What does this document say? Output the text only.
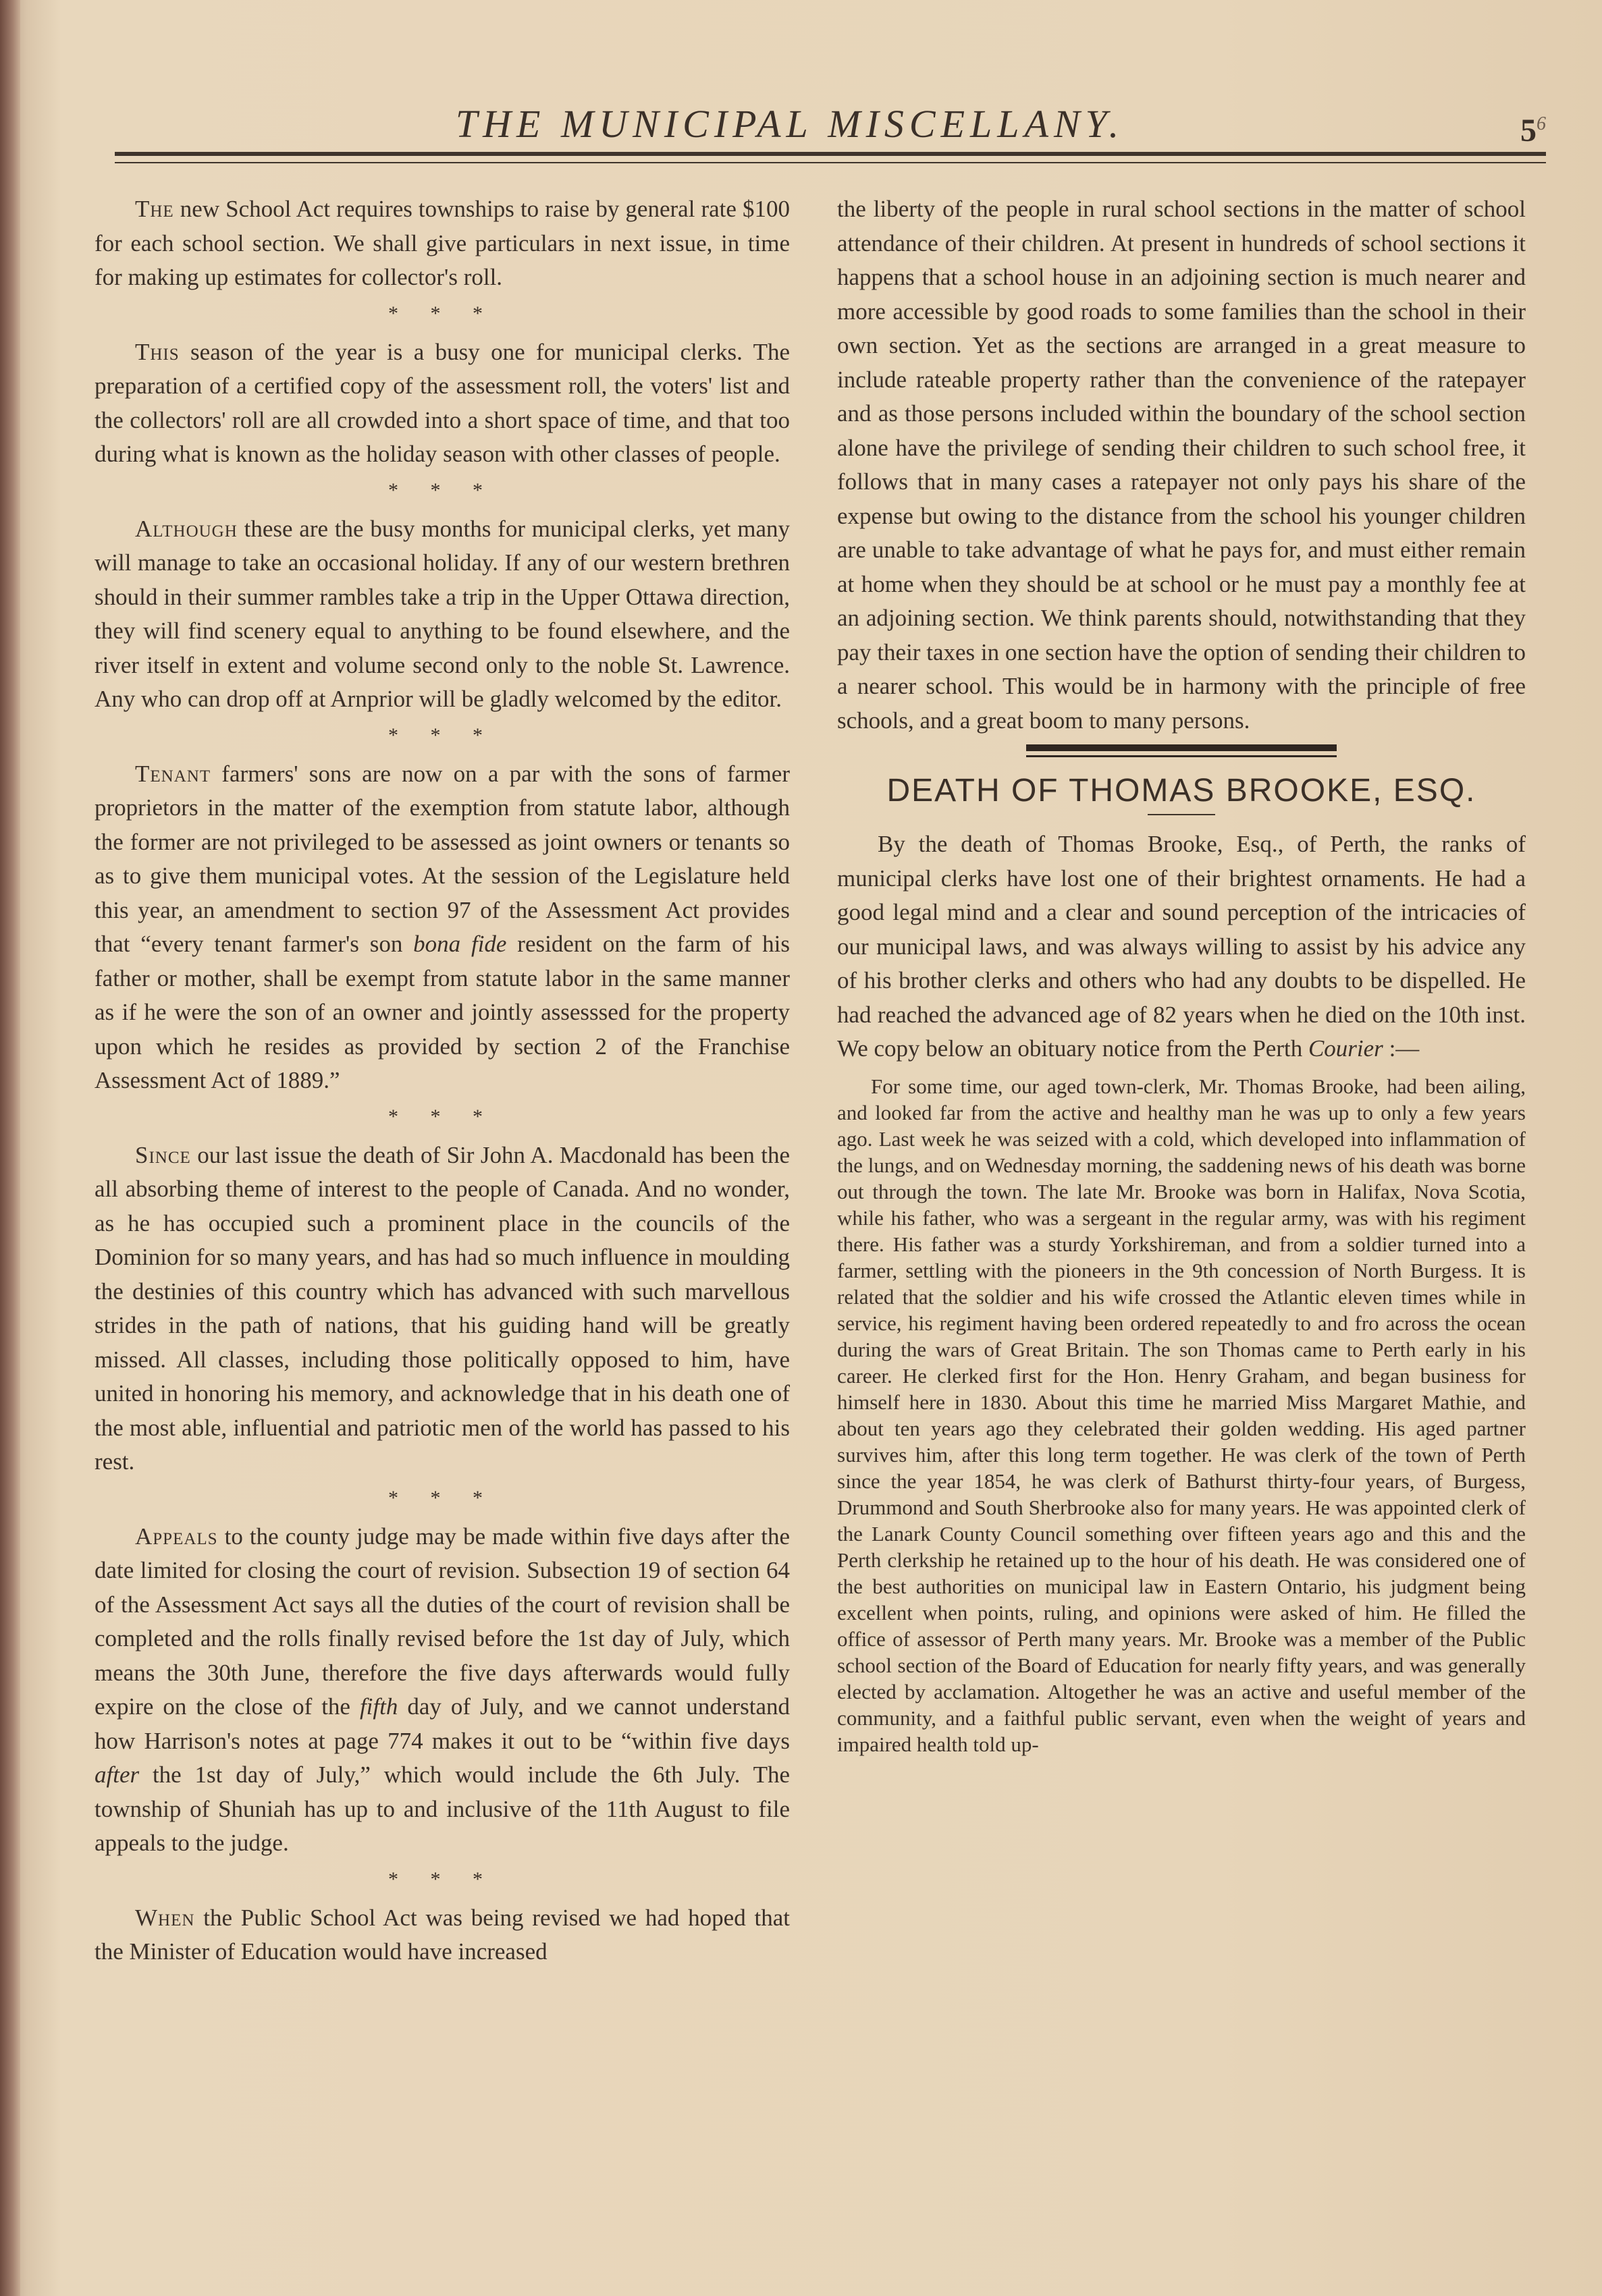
THE MUNICIPAL MISCELLANY.	$5^6$

The new School Act requires townships to raise by general rate $100 for each school section. We shall give particulars in next issue, in time for making up estimates for collector's roll.

* * *

This season of the year is a busy one for municipal clerks. The preparation of a certified copy of the assessment roll, the voters' list and the collectors' roll are all crowded into a short space of time, and that too during what is known as the holiday season with other classes of people.

* * *

Although these are the busy months for municipal clerks, yet many will manage to take an occasional holiday. If any of our western brethren should in their summer rambles take a trip in the Upper Ottawa direction, they will find scenery equal to anything to be found elsewhere, and the river itself in extent and volume second only to the noble St. Lawrence. Any who can drop off at Arnprior will be gladly welcomed by the editor.

* * *

Tenant farmers' sons are now on a par with the sons of farmer proprietors in the matter of the exemption from statute labor, although the former are not privileged to be assessed as joint owners or tenants so as to give them municipal votes. At the session of the Legislature held this year, an amendment to section 97 of the Assessment Act provides that “every tenant farmer's son bona fide resident on the farm of his father or mother, shall be exempt from statute labor in the same manner as if he were the son of an owner and jointly assesssed for the property upon which he resides as provided by section 2 of the Franchise Assessment Act of 1889.”

* * *

Since our last issue the death of Sir John A. Macdonald has been the all absorbing theme of interest to the people of Canada. And no wonder, as he has occupied such a prominent place in the councils of the Dominion for so many years, and has had so much influence in moulding the destinies of this country which has advanced with such marvellous strides in the path of nations, that his guiding hand will be greatly missed. All classes, including those politically opposed to him, have united in honoring his memory, and acknowledge that in his death one of the most able, influential and patriotic men of the world has passed to his rest.

* * *

Appeals to the county judge may be made within five days after the date limited for closing the court of revision. Subsection 19 of section 64 of the Assessment Act says all the duties of the court of revision shall be completed and the rolls finally revised before the 1st day of July, which means the 30th June, therefore the five days afterwards would fully expire on the close of the fifth day of July, and we cannot understand how Harrison's notes at page 774 makes it out to be “within five days after the 1st day of July,” which would include the 6th July. The township of Shuniah has up to and inclusive of the 11th August to file appeals to the judge.

* * *

When the Public School Act was being revised we had hoped that the Minister of Education would have increased

the liberty of the people in rural school sections in the matter of school attendance of their children. At present in hundreds of school sections it happens that a school house in an adjoining section is much nearer and more accessible by good roads to some families than the school in their own section. Yet as the sections are arranged in a great measure to include rateable property rather than the convenience of the ratepayer and as those persons included within the boundary of the school section alone have the privilege of sending their children to such school free, it follows that in many cases a ratepayer not only pays his share of the expense but owing to the distance from the school his younger children are unable to take advantage of what he pays for, and must either remain at home when they should be at school or he must pay a monthly fee at an adjoining section. We think parents should, notwithstanding that they pay their taxes in one section have the option of sending their children to a nearer school. This would be in harmony with the principle of free schools, and a great boom to many persons.

DEATH OF THOMAS BROOKE, ESQ.

By the death of Thomas Brooke, Esq., of Perth, the ranks of municipal clerks have lost one of their brightest ornaments. He had a good legal mind and a clear and sound perception of the intricacies of our municipal laws, and was always willing to assist by his advice any of his brother clerks and others who had any doubts to be dispelled. He had reached the advanced age of 82 years when he died on the 10th inst. We copy below an obituary notice from the Perth Courier :—

For some time, our aged town-clerk, Mr. Thomas Brooke, had been ailing, and looked far from the active and healthy man he was up to only a few years ago. Last week he was seized with a cold, which developed into inflammation of the lungs, and on Wednesday morning, the saddening news of his death was borne out through the town. The late Mr. Brooke was born in Halifax, Nova Scotia, while his father, who was a sergeant in the regular army, was with his regiment there. His father was a sturdy Yorkshireman, and from a soldier turned into a farmer, settling with the pioneers in the 9th concession of North Burgess. It is related that the soldier and his wife crossed the Atlantic eleven times while in service, his regiment having been ordered repeatedly to and fro across the ocean during the wars of Great Britain. The son Thomas came to Perth early in his career. He clerked first for the Hon. Henry Graham, and began business for himself here in 1830. About this time he married Miss Margaret Mathie, and about ten years ago they celebrated their golden wedding. His aged partner survives him, after this long term together. He was clerk of the town of Perth since the year 1854, he was clerk of Bathurst thirty-four years, of Burgess, Drummond and South Sherbrooke also for many years. He was appointed clerk of the Lanark County Council something over fifteen years ago and this and the Perth clerkship he retained up to the hour of his death. He was considered one of the best authorities on municipal law in Eastern Ontario, his judgment being excellent when points, ruling, and opinions were asked of him. He filled the office of assessor of Perth many years. Mr. Brooke was a member of the Public school section of the Board of Education for nearly fifty years, and was generally elected by acclamation. Altogether he was an active and useful member of the community, and a faithful public servant, even when the weight of years and impaired health told up-
